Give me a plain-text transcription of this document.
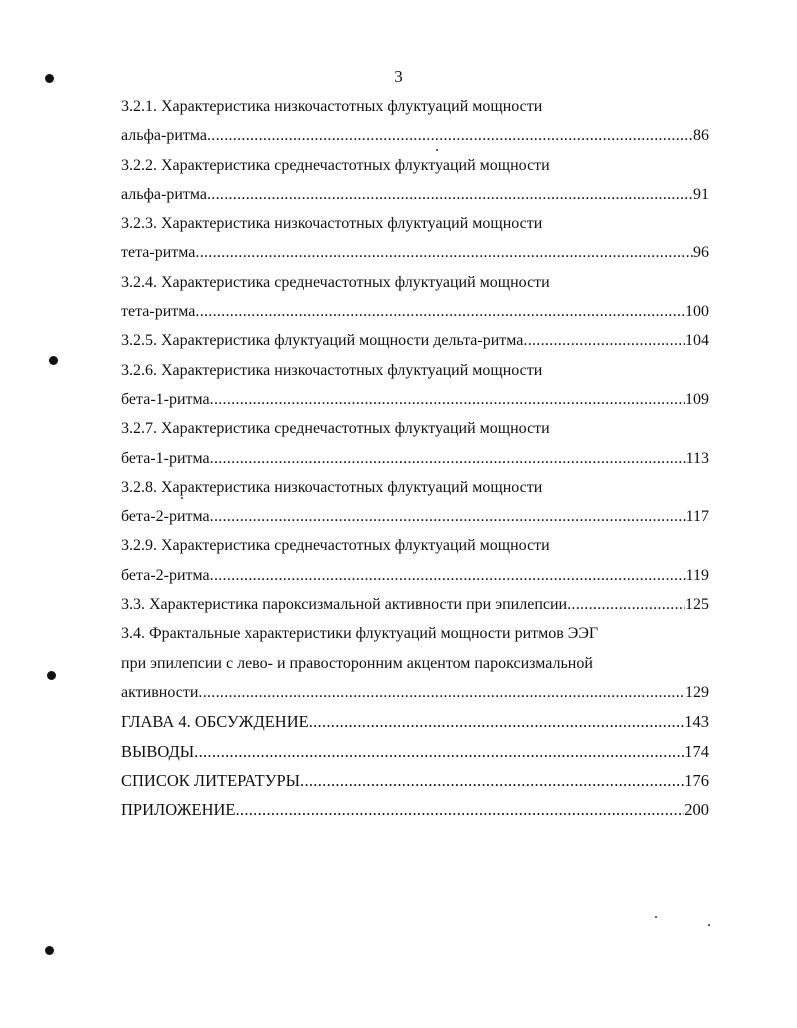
3
3.2.1. Характеристика низкочастотных флуктуаций мощности
альфа-ритма .....	86
3.2.2. Характеристика среднечастотных флуктуаций мощности
альфа-ритма .....	91
3.2.3. Характеристика низкочастотных флуктуаций мощности
тета-ритма .....	96
3.2.4. Характеристика среднечастотных флуктуаций мощности
тета-ритма .....	100
3.2.5. Характеристика флуктуаций мощности дельта-ритма .....	104
3.2.6. Характеристика низкочастотных флуктуаций мощности
бета-1-ритма .....	109
3.2.7. Характеристика среднечастотных флуктуаций мощности
бета-1-ритма .....	113
3.2.8. Характеристика низкочастотных флуктуаций мощности
бета-2-ритма .....	117
3.2.9. Характеристика среднечастотных флуктуаций мощности
бета-2-ритма .....	119
3.3. Характеристика пароксизмальной активности при эпилепсии .....	125
3.4. Фрактальные характеристики флуктуаций мощности ритмов ЭЭГ
при эпилепсии с лево- и правосторонним акцентом пароксизмальной
активности .....	129
ГЛАВА 4. ОБСУЖДЕНИЕ .....	143
ВЫВОДЫ .....	174
СПИСОК ЛИТЕРАТУРЫ .....	176
ПРИЛОЖЕНИЕ .....	200
